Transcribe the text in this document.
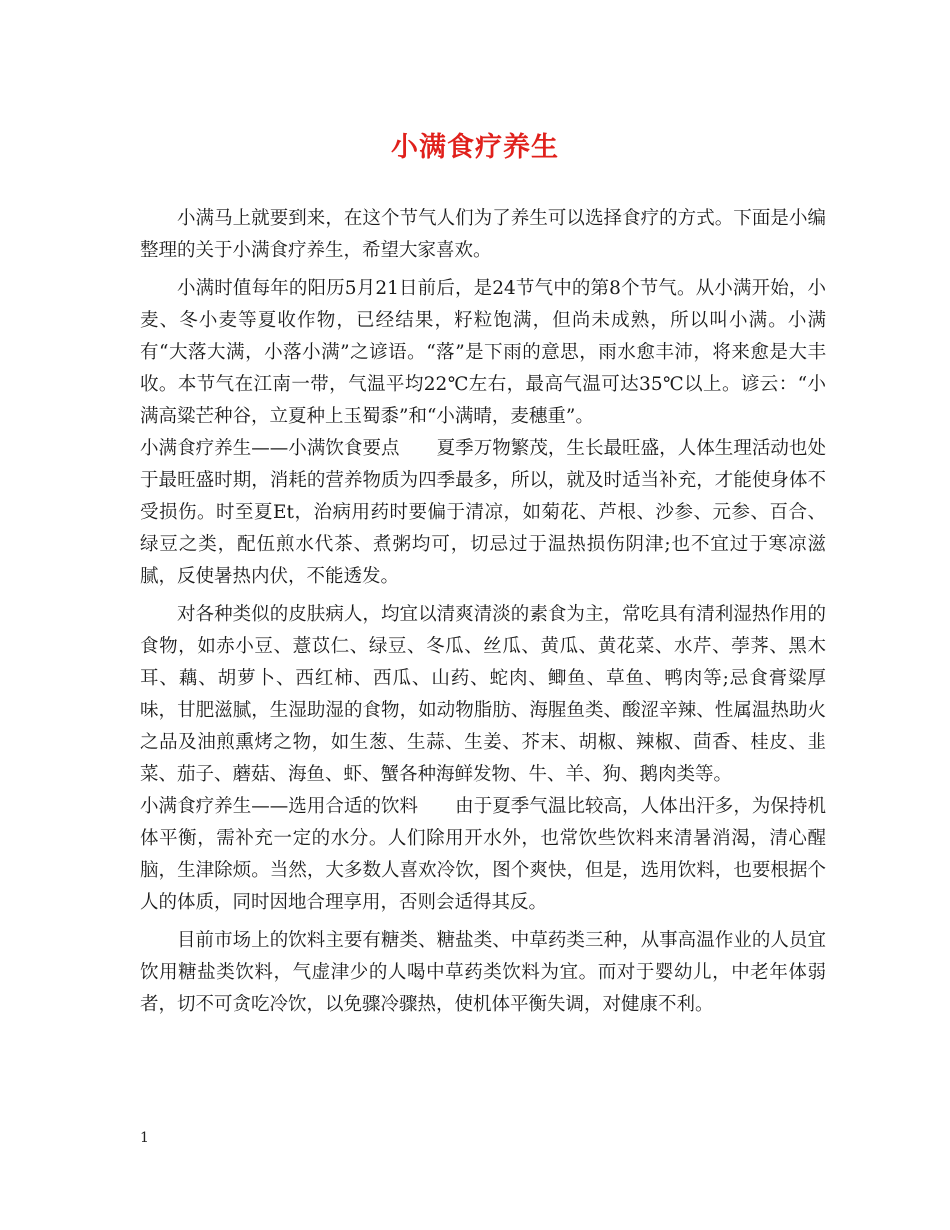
小满食疗养生

小满马上就要到来，在这个节气人们为了养生可以选择食疗的方式。下面是小编整理的关于小满食疗养生，希望大家喜欢。

小满时值每年的阳历5月21日前后，是24节气中的第8个节气。从小满开始，小麦、冬小麦等夏收作物，已经结果，籽粒饱满，但尚未成熟，所以叫小满。小满有“大落大满，小落小满”之谚语。“落”是下雨的意思，雨水愈丰沛，将来愈是大丰收。本节气在江南一带，气温平均22℃左右，最高气温可达35℃以上。谚云：“小满高粱芒种谷，立夏种上玉蜀黍”和“小满晴，麦穗重”。

小满食疗养生——小满饮食要点　　夏季万物繁茂，生长最旺盛，人体生理活动也处于最旺盛时期，消耗的营养物质为四季最多，所以，就及时适当补充，才能使身体不受损伤。时至夏Et，治病用药时要偏于清凉，如菊花、芦根、沙参、元参、百合、绿豆之类，配伍煎水代茶、煮粥均可，切忌过于温热损伤阴津;也不宜过于寒凉滋腻，反使暑热内伏，不能透发。

对各种类似的皮肤病人，均宜以清爽清淡的素食为主，常吃具有清利湿热作用的食物，如赤小豆、薏苡仁、绿豆、冬瓜、丝瓜、黄瓜、黄花菜、水芹、荸荠、黑木耳、藕、胡萝卜、西红柿、西瓜、山药、蛇肉、鲫鱼、草鱼、鸭肉等;忌食膏粱厚味，甘肥滋腻，生湿助湿的食物，如动物脂肪、海腥鱼类、酸涩辛辣、性属温热助火之品及油煎熏烤之物，如生葱、生蒜、生姜、芥末、胡椒、辣椒、茴香、桂皮、韭菜、茄子、蘑菇、海鱼、虾、蟹各种海鲜发物、牛、羊、狗、鹅肉类等。

小满食疗养生——选用合适的饮料　　由于夏季气温比较高，人体出汗多，为保持机体平衡，需补充一定的水分。人们除用开水外，也常饮些饮料来清暑消渴，清心醒脑，生津除烦。当然，大多数人喜欢冷饮，图个爽快，但是，选用饮料，也要根据个人的体质，同时因地合理享用，否则会适得其反。

目前市场上的饮料主要有糖类、糖盐类、中草药类三种，从事高温作业的人员宜饮用糖盐类饮料，气虚津少的人喝中草药类饮料为宜。而对于婴幼儿，中老年体弱者，切不可贪吃冷饮，以免骤冷骤热，使机体平衡失调，对健康不利。

1
